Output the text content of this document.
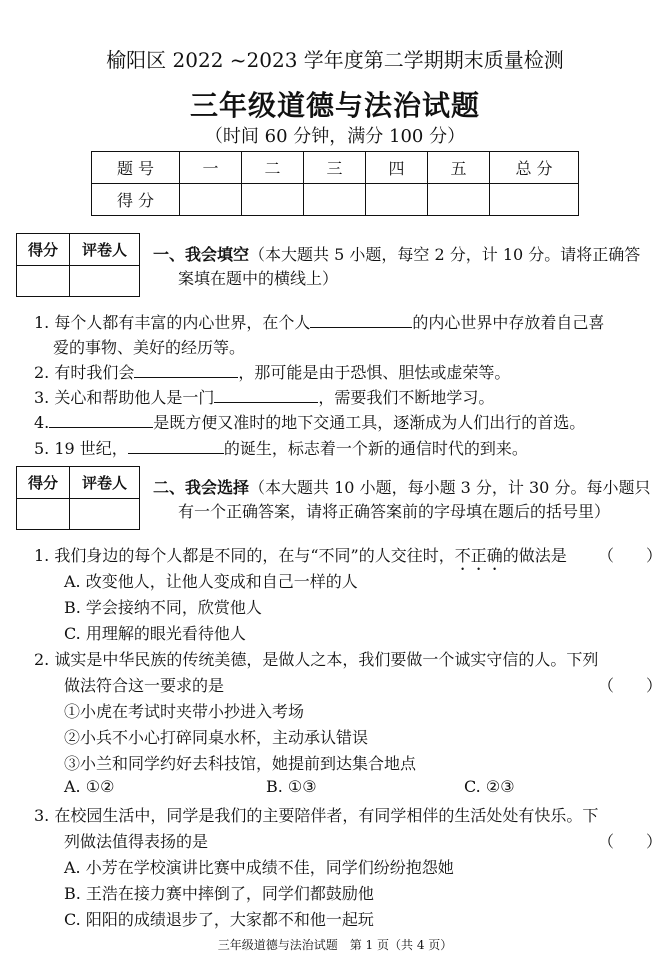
榆阳区 2022 ~2023 学年度第二学期期末质量检测
三年级道德与法治试题
（时间 60 分钟，满分 100 分）
题 号	一	二	三	四	五	总 分
得 分						
得分	评卷人	一、我会填空（本大题共 5 小题，每空 2 分，计 10 分。请将正确答
案填在题中的横线上）
1. 每个人都有丰富的内心世界，在个人	的内心世界中存放着自己喜
爱的事物、美好的经历等。
2. 有时我们会	，那可能是由于恐惧、胆怯或虚荣等。
3. 关心和帮助他人是一门	，需要我们不断地学习。
4.	是既方便又准时的地下交通工具，逐渐成为人们出行的首选。
5. 19 世纪，	的诞生，标志着一个新的通信时代的到来。
得分	评卷人	二、我会选择（本大题共 10 小题，每小题 3 分，计 30 分。每小题只
有一个正确答案，请将正确答案前的字母填在题后的括号里）
1. 我们身边的每个人都是不同的，在与“不同”的人交往时，不正确的做法是 （　　）
A. 改变他人，让他人变成和自己一样的人
B. 学会接纳不同，欣赏他人
C. 用理解的眼光看待他人
2. 诚实是中华民族的传统美德，是做人之本，我们要做一个诚实守信的人。下列
做法符合这一要求的是	（　　）
①小虎在考试时夹带小抄进入考场
②小兵不小心打碎同桌水杯，主动承认错误
③小兰和同学约好去科技馆，她提前到达集合地点
A. ①②	B. ①③	C. ②③
3. 在校园生活中，同学是我们的主要陪伴者，有同学相伴的生活处处有快乐。下
列做法值得表扬的是	（　　）
A. 小芳在学校演讲比赛中成绩不佳，同学们纷纷抱怨她
B. 王浩在接力赛中摔倒了，同学们都鼓励他
C. 阳阳的成绩退步了，大家都不和他一起玩
三年级道德与法治试题　第 1 页（共 4 页）
